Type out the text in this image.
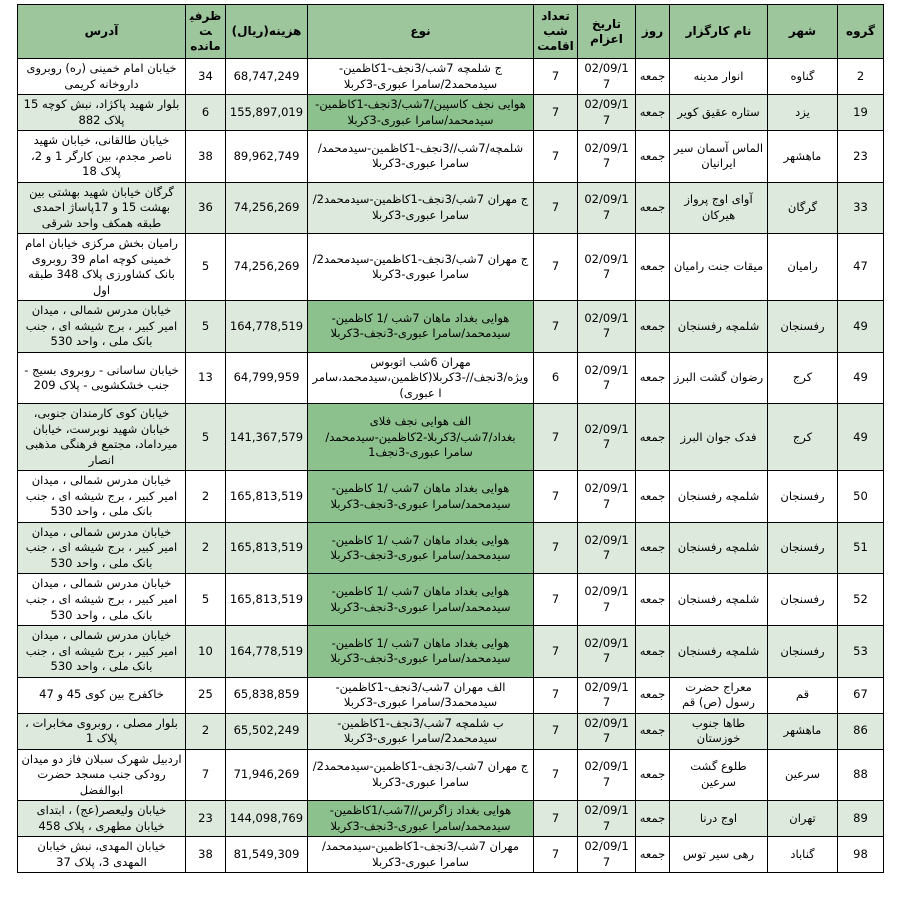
گروه	شهر	نام کارگزار	روز	تاریخ اعزام	تعداد شب اقامت	نوع	هزینه(ریال)	ظرفیت مانده	آدرس
2	گناوه	انوار مدینه	جمعه	02/09/17	7	ج شلمچه 7شب/3نجف-1کاظمین-سیدمحمد2/سامرا عبوری-3کربلا	68,747,249	34	خیابان امام خمینی (ره) روبروی داروخانه کریمی
19	یزد	ستاره عقیق کویر	جمعه	02/09/17	7	هوایی نجف کاسپین/7شب/3نجف-1کاظمین-سیدمحمد/سامرا عبوری-3کربلا	155,897,019	6	بلوار شهید پاکژاد، نبش کوچه 15 پلاک 882
23	ماهشهر	الماس آسمان سیر ایرانیان	جمعه	02/09/17	7	شلمچه/7شب//3نجف-1کاظمین-سیدمحمد/سامرا عبوری-3کربلا	89,962,749	38	خیابان طالقانی، خیابان شهید ناصر مجدم، بین کارگر 1 و 2، پلاک 18
33	گرگان	آوای اوج پرواز هیرکان	جمعه	02/09/17	7	ج مهران 7شب/3نجف-1کاظمین-سیدمحمد2/سامرا عبوری-3کربلا	74,256,269	36	گرگان خیابان شهید بهشتی بین بهشت 15 و 17پاساژ احمدی طبقه همکف واحد شرقی
47	رامیان	میقات جنت رامیان	جمعه	02/09/17	7	ج مهران 7شب/3نجف-1کاظمین-سیدمحمد2/سامرا عبوری-3کربلا	74,256,269	5	رامیان بخش مرکزی خیابان امام خمینی کوچه امام 39 روبروی بانک کشاورزی پلاک 348 طبقه اول
49	رفسنجان	شلمچه رفسنجان	جمعه	02/09/17	7	هوایی بغداد ماهان 7شب /1 کاظمین-سیدمحمد/سامرا عبوری-3نجف-3کربلا	164,778,519	5	خیابان مدرس شمالی ، میدان امیر کبیر ، برج شیشه ای ، جنب بانک ملی ، واحد 530
49	کرج	رضوان گشت البرز	جمعه	02/09/17	6	مهران 6شب اتوبوس ویژه/3نجف//-3کربلا(کاظمین،سیدمحمد،سامرا عبوری)	64,799,959	13	خیابان ساسانی - روبروی بسیج - جنب خشکشویی - پلاک 209
49	کرج	فدک جوان البرز	جمعه	02/09/17	7	الف هوایی نجف فلای بغداد/7شب/3کربلا-2کاظمین-سیدمحمد/سامرا عبوری-3نجف1	141,367,579	5	خیابان کوی کارمندان جنوبی، خیابان شهید نوبرست، خیابان میرداماد، مجتمع فرهنگی مذهبی انصار
50	رفسنجان	شلمچه رفسنجان	جمعه	02/09/17	7	هوایی بغداد ماهان 7شب /1 کاظمین-سیدمحمد/سامرا عبوری-3نجف-3کربلا	165,813,519	2	خیابان مدرس شمالی ، میدان امیر کبیر ، برج شیشه ای ، جنب بانک ملی ، واحد 530
51	رفسنجان	شلمچه رفسنجان	جمعه	02/09/17	7	هوایی بغداد ماهان 7شب /1 کاظمین-سیدمحمد/سامرا عبوری-3نجف-3کربلا	165,813,519	2	خیابان مدرس شمالی ، میدان امیر کبیر ، برج شیشه ای ، جنب بانک ملی ، واحد 530
52	رفسنجان	شلمچه رفسنجان	جمعه	02/09/17	7	هوایی بغداد ماهان 7شب /1 کاظمین-سیدمحمد/سامرا عبوری-3نجف-3کربلا	165,813,519	5	خیابان مدرس شمالی ، میدان امیر کبیر ، برج شیشه ای ، جنب بانک ملی ، واحد 530
53	رفسنجان	شلمچه رفسنجان	جمعه	02/09/17	7	هوایی بغداد ماهان 7شب /1 کاظمین-سیدمحمد/سامرا عبوری-3نجف-3کربلا	164,778,519	10	خیابان مدرس شمالی ، میدان امیر کبیر ، برج شیشه ای ، جنب بانک ملی ، واحد 530
67	قم	معراج حضرت رسول (ص) قم	جمعه	02/09/17	7	الف مهران 7شب/3نجف-1کاظمین-سیدمحمد3/سامرا عبوری-3کربلا	65,838,859	25	خاکفرج بین کوی 45 و 47
86	ماهشهر	طاها جنوب خوزستان	جمعه	02/09/17	7	ب شلمچه 7شب/3نجف-1کاظمین-سیدمحمد2/سامرا عبوری-3کربلا	65,502,249	2	بلوار مصلی ، روبروی مخابرات ، پلاک 1
88	سرعین	طلوع گشت سرعین	جمعه	02/09/17	7	ج مهران 7شب/3نجف-1کاظمین-سیدمحمد2/سامرا عبوری-3کربلا	71,946,269	7	اردبیل شهرک سبلان فاز دو میدان رودکی جنب مسجد حضرت ابوالفضل
89	تهران	اوج درنا	جمعه	02/09/17	7	هوایی بغداد زاگرس//7شب/1کاظمین-سیدمحمد/سامرا عبوری-3نجف-3کربلا	144,098,769	23	خیابان ولیعصر(عج) ، ابتدای خیابان مطهری ، پلاک 458
98	گناباد	رهی سیر توس	جمعه	02/09/17	7	مهران 7شب/3نجف-1کاظمین-سیدمحمد/سامرا عبوری-3کربلا	81,549,309	38	خیابان المهدی، نبش خیابان المهدی 3، پلاک 37
